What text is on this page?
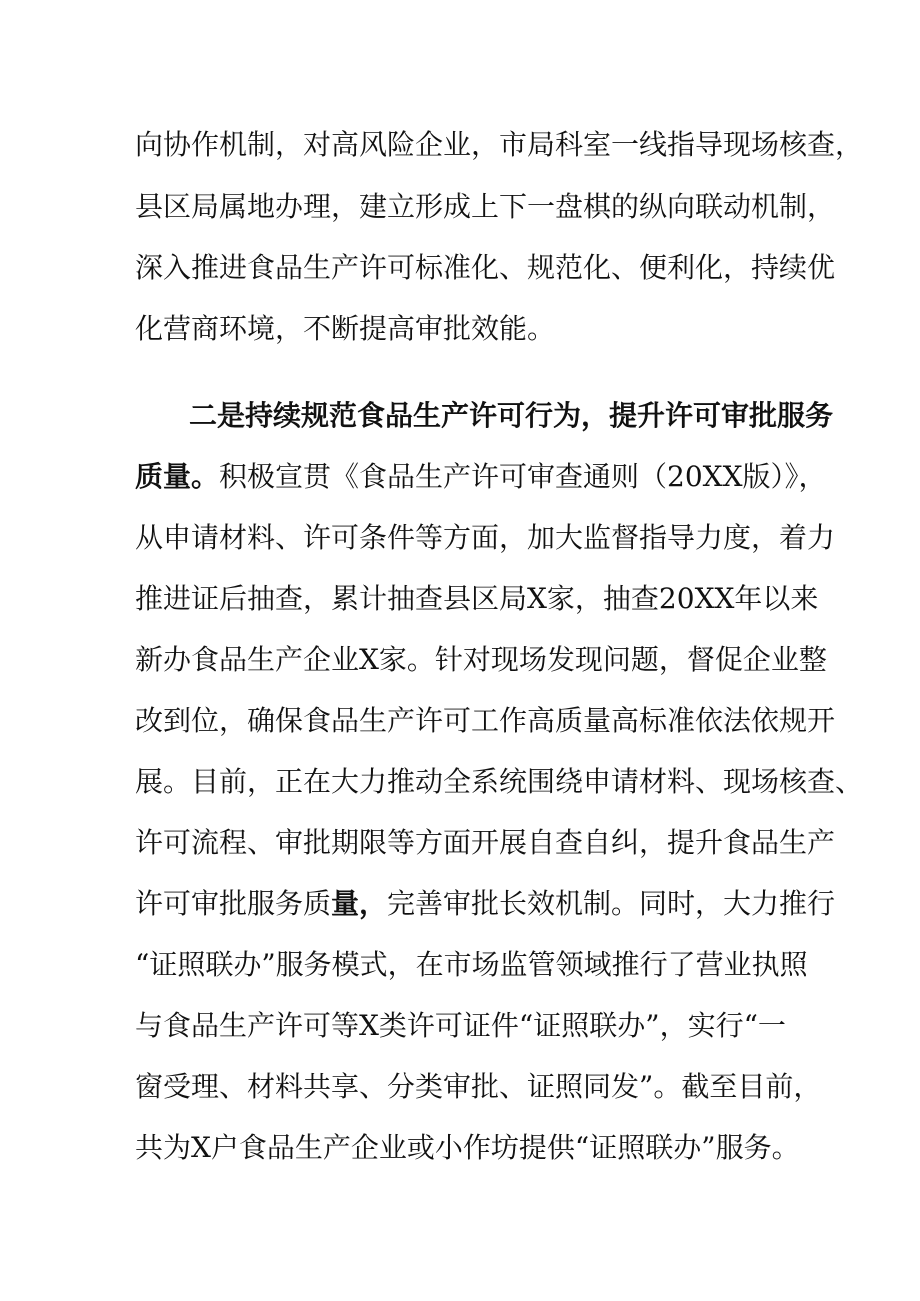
向协作机制，对高风险企业，市局科室一线指导现场核查，
县区局属地办理，建立形成上下一盘棋的纵向联动机制，
深入推进食品生产许可标准化、规范化、便利化，持续优
化营商环境，不断提高审批效能。
二是持续规范食品生产许可行为，提升许可审批服务
质量。积极宣贯《食品生产许可审查通则（20XX版）》，
从申请材料、许可条件等方面，加大监督指导力度，着力
推进证后抽查，累计抽查县区局X家，抽查20XX年以来
新办食品生产企业X家。针对现场发现问题，督促企业整
改到位，确保食品生产许可工作高质量高标准依法依规开
展。目前，正在大力推动全系统围绕申请材料、现场核查、
许可流程、审批期限等方面开展自查自纠，提升食品生产
许可审批服务质量，完善审批长效机制。同时，大力推行
“证照联办”服务模式，在市场监管领域推行了营业执照
与食品生产许可等X类许可证件“证照联办”，实行“一
窗受理、材料共享、分类审批、证照同发”。截至目前，
共为X户食品生产企业或小作坊提供“证照联办”服务。
